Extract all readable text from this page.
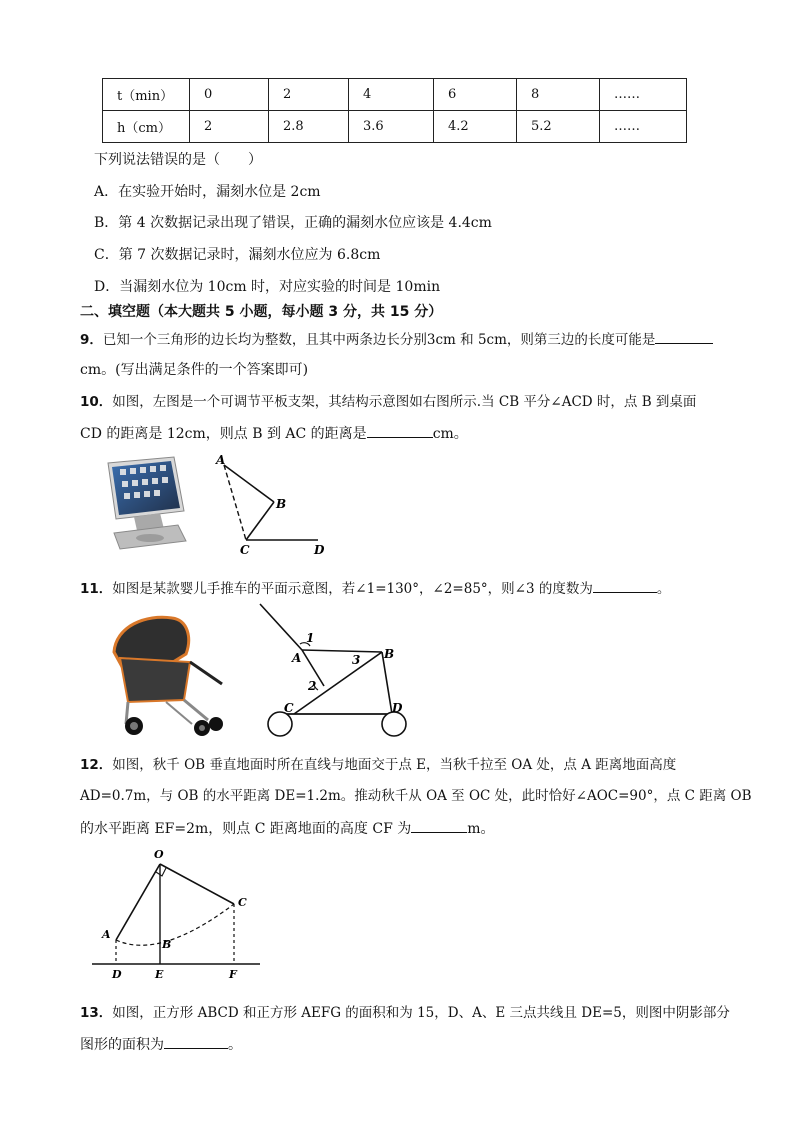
t（min）	0	2	4	6	8	……
h（cm）	2	2.8	3.6	4.2	5.2	……
下列说法错误的是（　　）
A．在实验开始时，漏刻水位是 2cm
B．第 4 次数据记录出现了错误，正确的漏刻水位应该是 4.4cm
C．第 7 次数据记录时，漏刻水位应为 6.8cm
D．当漏刻水位为 10cm 时，对应实验的时间是 10min
二、填空题（本大题共 5 小题，每小题 3 分，共 15 分）
9．已知一个三角形的边长均为整数，且其中两条边长分别3cm 和 5cm，则第三边的长度可能是
cm。(写出满足条件的一个答案即可)
10．如图，左图是一个可调节平板支架，其结构示意图如右图所示.当 CB 平分∠ACD 时，点 B 到桌面
CD 的距离是 12cm，则点 B 到 AC 的距离是	cm。
A
B
C	D
11．如图是某款婴儿手推车的平面示意图，若∠1=130°，∠2=85°，则∠3 的度数为	。
1
A	3 B
2
C	D
12．如图，秋千 OB 垂直地面时所在直线与地面交于点 E，当秋千拉至 OA 处，点 A 距离地面高度
AD=0.7m，与 OB 的水平距离 DE=1.2m。推动秋千从 OA 至 OC 处，此时恰好∠AOC=90°，点 C 距离 OB
的水平距离 EF=2m，则点 C 距离地面的高度 CF 为	m。
O
A
B
C
D	E	F
13．如图，正方形 ABCD 和正方形 AEFG 的面积和为 15，D、A、E 三点共线且 DE=5，则图中阴影部分
图形的面积为	。
